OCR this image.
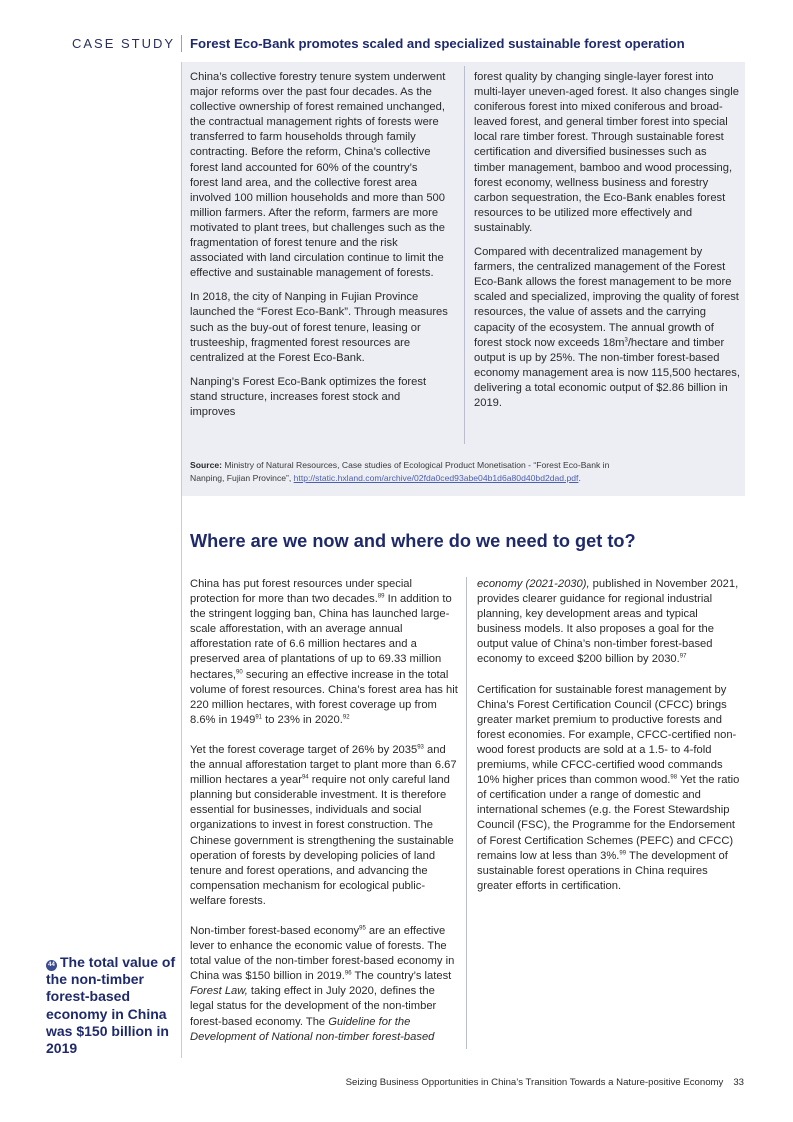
CASE STUDY Forest Eco-Bank promotes scaled and specialized sustainable forest operation

China’s collective forestry tenure system underwent major reforms over the past four decades. As the collective ownership of forest remained unchanged, the contractual management rights of forests were transferred to farm households through family contracting. Before the reform, China’s collective forest land accounted for 60% of the country’s forest land area, and the collective forest area involved 100 million households and more than 500 million farmers. After the reform, farmers are more motivated to plant trees, but challenges such as the fragmentation of forest tenure and the risk associated with land circulation continue to limit the effective and sustainable management of forests.

In 2018, the city of Nanping in Fujian Province launched the “Forest Eco-Bank”. Through measures such as the buy-out of forest tenure, leasing or trusteeship, fragmented forest resources are centralized at the Forest Eco-Bank.

Nanping’s Forest Eco-Bank optimizes the forest stand structure, increases forest stock and improves

forest quality by changing single-layer forest into multi-layer uneven-aged forest. It also changes single coniferous forest into mixed coniferous and broad-leaved forest, and general timber forest into special local rare timber forest. Through sustainable forest certification and diversified businesses such as timber management, bamboo and wood processing, forest economy, wellness business and forestry carbon sequestration, the Eco-Bank enables forest resources to be utilized more effectively and sustainably.

Compared with decentralized management by farmers, the centralized management of the Forest Eco-Bank allows the forest management to be more scaled and specialized, improving the quality of forest resources, the value of assets and the carrying capacity of the ecosystem. The annual growth of forest stock now exceeds $18m^3$/hectare and timber output is up by 25%. The non-timber forest-based economy management area is now 115,500 hectares, delivering a total economic output of $2.86 billion in 2019.

Source: Ministry of Natural Resources, Case studies of Ecological Product Monetisation - “Forest Eco-Bank in Nanping, Fujian Province”, http://static.hxland.com/archive/02fda0ced93abe04b1d6a80d40bd2dad.pdf.
Where are we now and where do we need to get to?

China has put forest resources under special protection for more than two decades.$^{89}$ In addition to the stringent logging ban, China has launched large-scale afforestation, with an average annual afforestation rate of 6.6 million hectares and a preserved area of plantations of up to 69.33 million hectares,$^{90}$ securing an effective increase in the total volume of forest resources. China’s forest area has hit 220 million hectares, with forest coverage up from 8.6% in 1949$^{91}$ to 23% in 2020.92

Yet the forest coverage target of 26% by 2035$^{93}$ and the annual afforestation target to plant more than 6.67 million hectares a year$^{94}$ require not only careful land planning but considerable investment. It is therefore essential for businesses, individuals and social organizations to invest in forest construction. The Chinese government is strengthening the sustainable operation of forests by developing policies of land tenure and forest operations, and advancing the compensation mechanism for ecological public-welfare forests.

Non-timber forest-based economy$^{95}$ are an effective lever to enhance the economic value of forests. The total value of the non-timber forest-based economy in China was $150 billion in 2019.96 The country’s latest Forest Law, taking effect in July 2020, defines the legal status for the development of the non-timber forest-based economy. The Guideline for the Development of National non-timber forest-based

economy (2021-2030), published in November 2021, provides clearer guidance for regional industrial planning, key development areas and typical business models. It also proposes a goal for the output value of China’s non-timber forest-based economy to exceed $200 billion by 2030.97

Certification for sustainable forest management by China’s Forest Certification Council (CFCC) brings greater market premium to productive forests and forest economies. For example, CFCC-certified non-wood forest products are sold at a 1.5- to 4-fold premiums, while CFCC-certified wood commands 10% higher prices than common wood.$^{98}$ Yet the ratio of certification under a range of domestic and international schemes (e.g. the Forest Stewardship Council (FSC), the Programme for the Endorsement of Forest Certification Schemes (PEFC) and CFCC) remains low at less than 3%.$^{99}$ The development of sustainable forest operations in China requires greater efforts in certification.

44 The total value of the non-timber forest-based economy in China was $150 billion in 2019
Seizing Business Opportunities in China’s Transition Towards a Nature-positive Economy 33
